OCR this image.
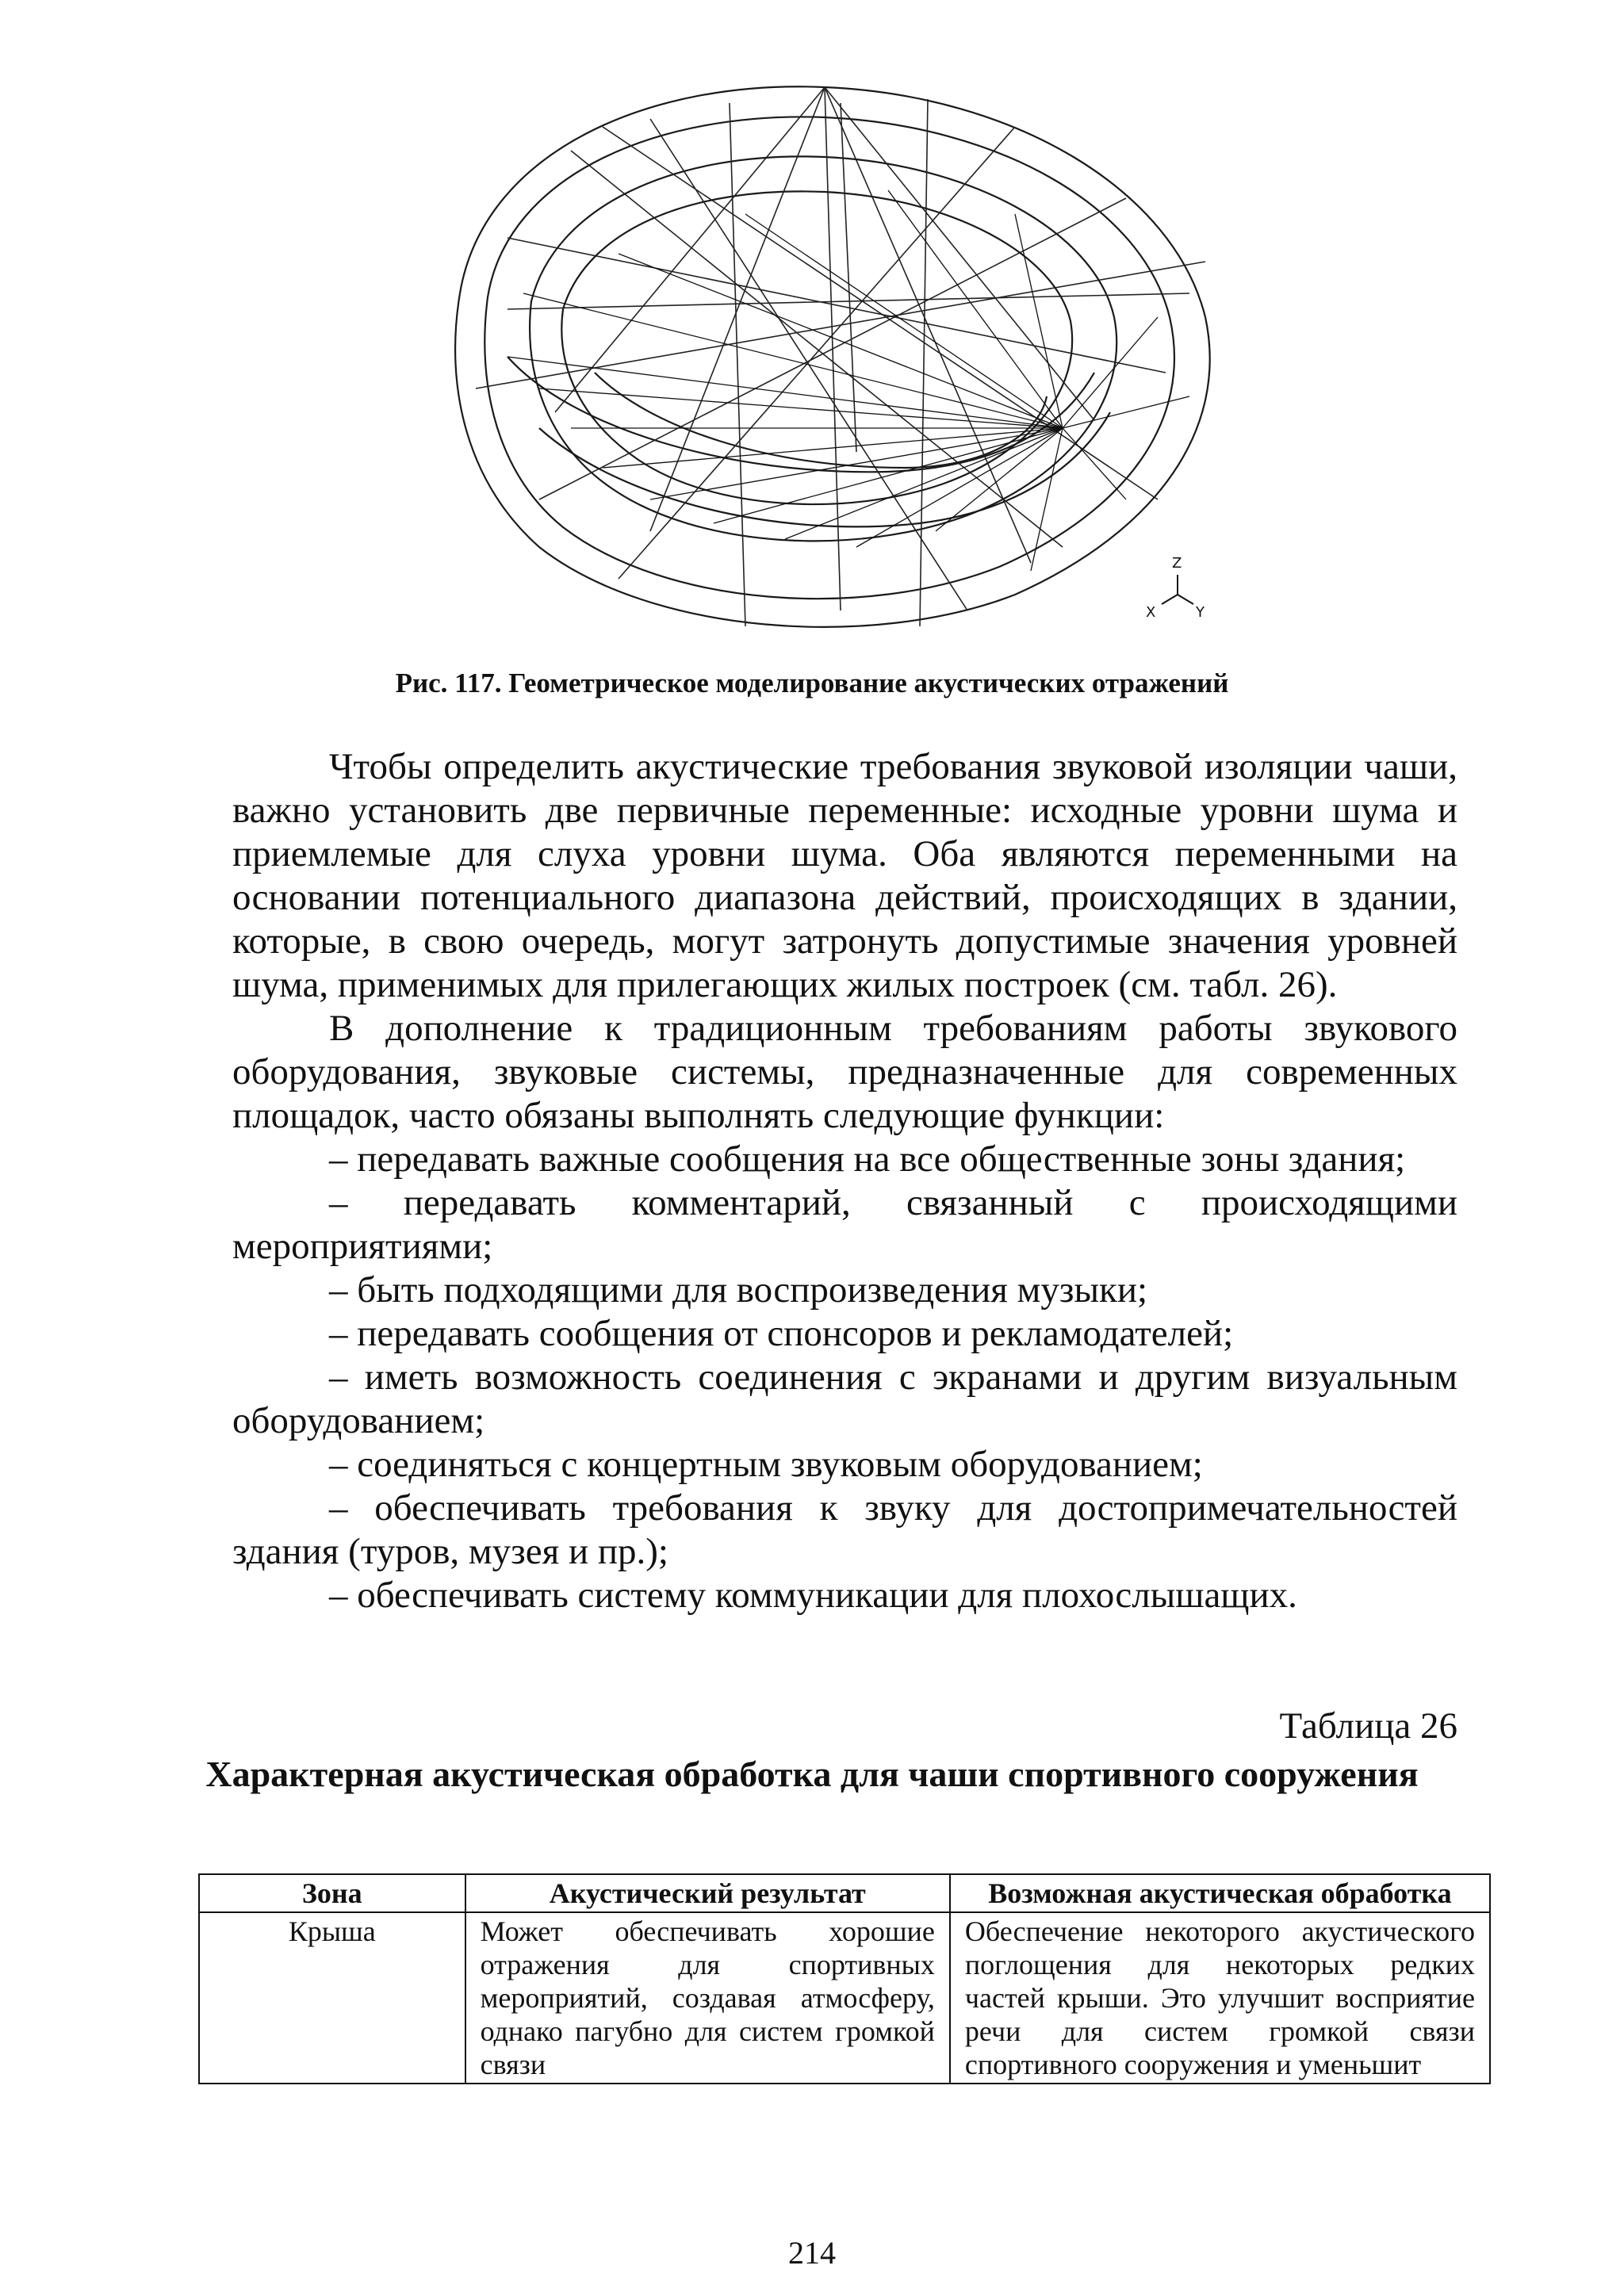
Z
X	Y
Рис. 117. Геометрическое моделирование акустических отражений

Чтобы определить акустические требования звуковой изоляции чаши, важно установить две первичные переменные: исходные уровни шума и приемлемые для слуха уровни шума. Оба являются переменными на основании потенциального диапазона действий, происходящих в здании, которые, в свою очередь, могут затронуть допустимые значения уровней шума, применимых для прилегающих жилых построек (см. табл. 26).

В дополнение к традиционным требованиям работы звукового оборудования, звуковые системы, предназначенные для современных площадок, часто обязаны выполнять следующие функции:

– передавать важные сообщения на все общественные зоны здания;

– передавать комментарий, связанный с происходящими мероприятиями;

– быть подходящими для воспроизведения музыки;

– передавать сообщения от спонсоров и рекламодателей;

– иметь возможность соединения с экранами и другим визуальным оборудованием;

– соединяться с концертным звуковым оборудованием;

– обеспечивать требования к звуку для достопримечательностей здания (туров, музея и пр.);

– обеспечивать систему коммуникации для плохослышащих.

Таблица 26
Характерная акустическая обработка для чаши спортивного сооружения
Зона	Акустический результат	Возможная акустическая обработка
Крыша	Может обеспечивать хорошие отражения для спортивных мероприятий, создавая атмосферу, однако пагубно для систем громкой связи	Обеспечение некоторого акустического поглощения для некоторых редких частей крыши. Это улучшит восприятие речи для систем громкой связи спортивного сооружения и уменьшит
214
